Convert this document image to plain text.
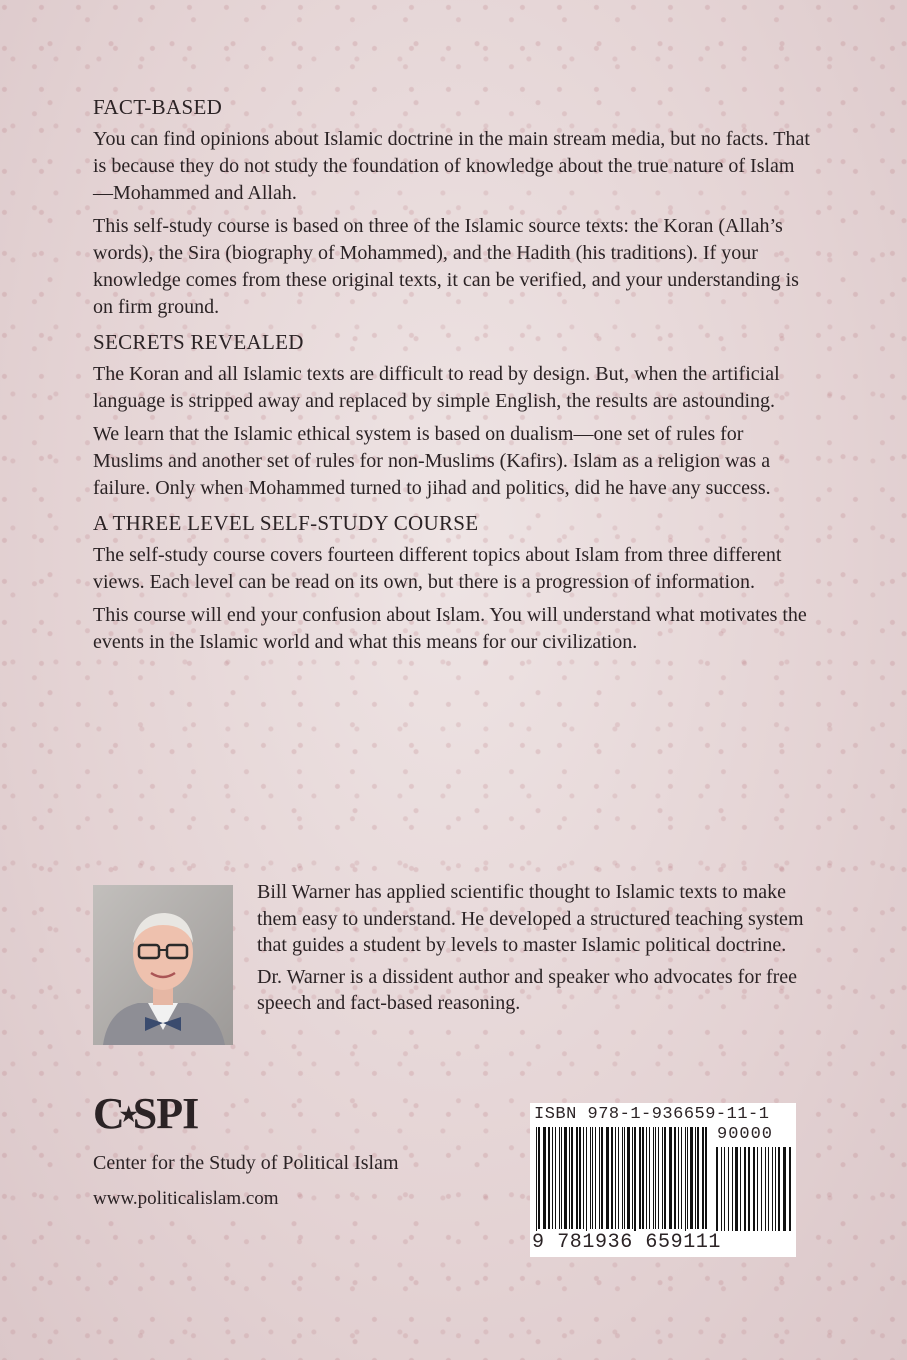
FACT-BASED

You can find opinions about Islamic doctrine in the main stream media, but no facts. That is because they do not study the foundation of knowledge about the true nature of Islam—Mohammed and Allah.

This self-study course is based on three of the Islamic source texts: the Koran (Allah’s words), the Sira (biography of Mohammed), and the Hadith (his traditions). If your knowledge comes from these original texts, it can be verified, and your understanding is on firm ground.

SECRETS REVEALED

The Koran and all Islamic texts are difficult to read by design. But, when the artificial language is stripped away and replaced by simple English, the results are astounding.

We learn that the Islamic ethical system is based on dualism—one set of rules for Muslims and another set of rules for non-Muslims (Kafirs). Islam as a religion was a failure. Only when Mohammed turned to jihad and politics, did he have any success.

A THREE LEVEL SELF-STUDY COURSE

The self-study course covers fourteen different topics about Islam from three different views. Each level can be read on its own, but there is a progression of information.

This course will end your confusion about Islam. You will understand what motivates the events in the Islamic world and what this means for our civilization.

Bill Warner has applied scientific thought to Islamic texts to make them easy to understand. He developed a structured teaching system that guides a student by levels to master Islamic political doctrine.

Dr. Warner is a dissident author and speaker who advocates for free speech and fact-based reasoning.

C★SPI
Center for the Study of Political Islam
www.politicalislam.com
ISBN 978-1-936659-11-1
90000
9 781936 659111
